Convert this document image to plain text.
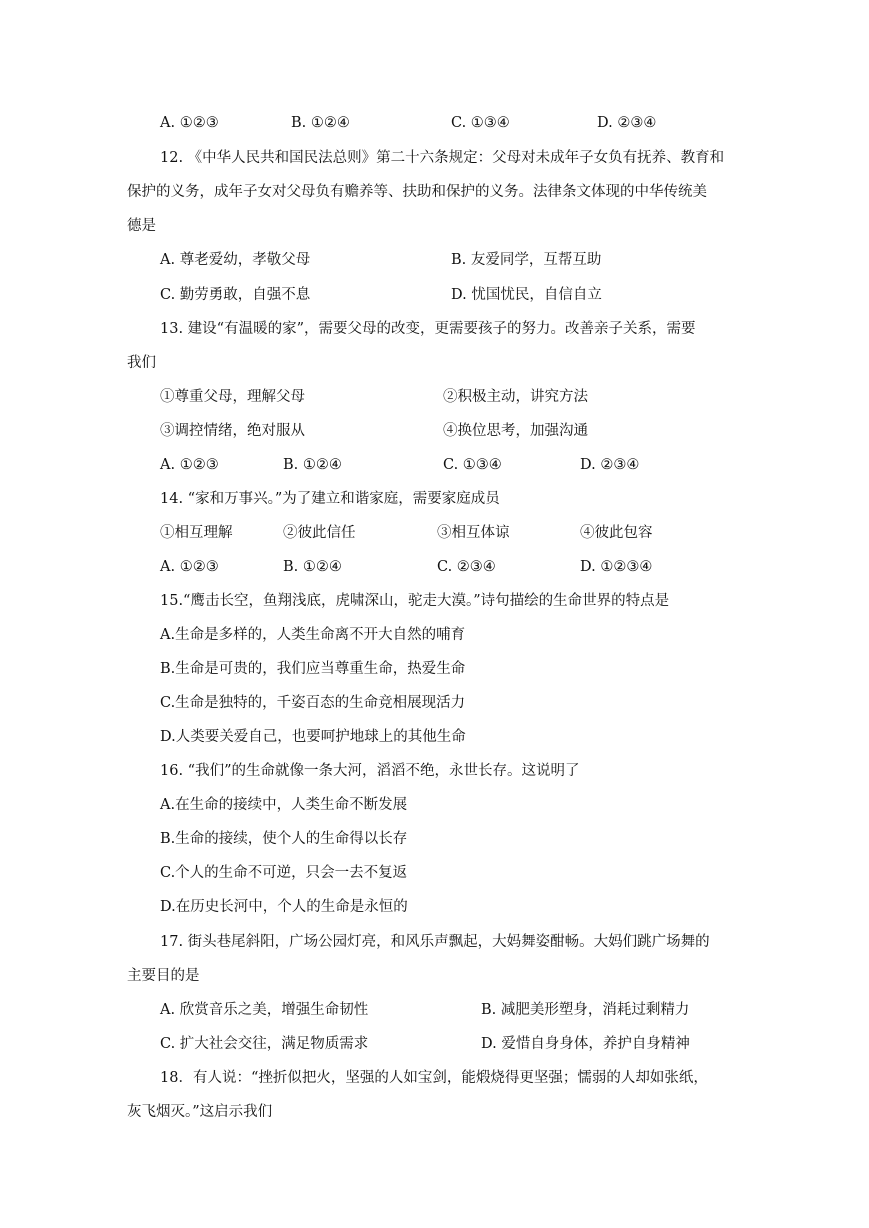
A. ①②③	B. ①②④	C. ①③④	D. ②③④
12. 《中华人民共和国民法总则》第二十六条规定：父母对未成年子女负有抚养、教育和
保护的义务，成年子女对父母负有赡养等、扶助和保护的义务。法律条文体现的中华传统美
德是
A. 尊老爱幼，孝敬父母	B. 友爱同学，互帮互助
C. 勤劳勇敢，自强不息	D. 忧国忧民，自信自立
13. 建设“有温暖的家”，需要父母的改变，更需要孩子的努力。改善亲子关系，需要
我们
①尊重父母，理解父母	②积极主动，讲究方法
③调控情绪，绝对服从	④换位思考，加强沟通
A. ①②③	B. ①②④	C. ①③④	D. ②③④
14. “家和万事兴。”为了建立和谐家庭，需要家庭成员
①相互理解	②彼此信任	③相互体谅	④彼此包容
A. ①②③	B. ①②④	C. ②③④	D. ①②③④
15.“鹰击长空，鱼翔浅底，虎啸深山，驼走大漠。”诗句描绘的生命世界的特点是
A.生命是多样的，人类生命离不开大自然的哺育
B.生命是可贵的，我们应当尊重生命，热爱生命
C.生命是独特的，千姿百态的生命竞相展现活力
D.人类要关爱自己，也要呵护地球上的其他生命
16. “我们”的生命就像一条大河，滔滔不绝，永世长存。这说明了
A.在生命的接续中，人类生命不断发展
B.生命的接续，使个人的生命得以长存
C.个人的生命不可逆，只会一去不复返
D.在历史长河中，个人的生命是永恒的
17. 街头巷尾斜阳，广场公园灯亮，和风乐声飘起，大妈舞姿酣畅。大妈们跳广场舞的
主要目的是
A. 欣赏音乐之美，增强生命韧性	B. 减肥美形塑身，消耗过剩精力
C. 扩大社会交往，满足物质需求	D. 爱惜自身身体，养护自身精神
18．有人说：“挫折似把火，坚强的人如宝剑，能煅烧得更坚强；懦弱的人却如张纸，
灰飞烟灭。”这启示我们
